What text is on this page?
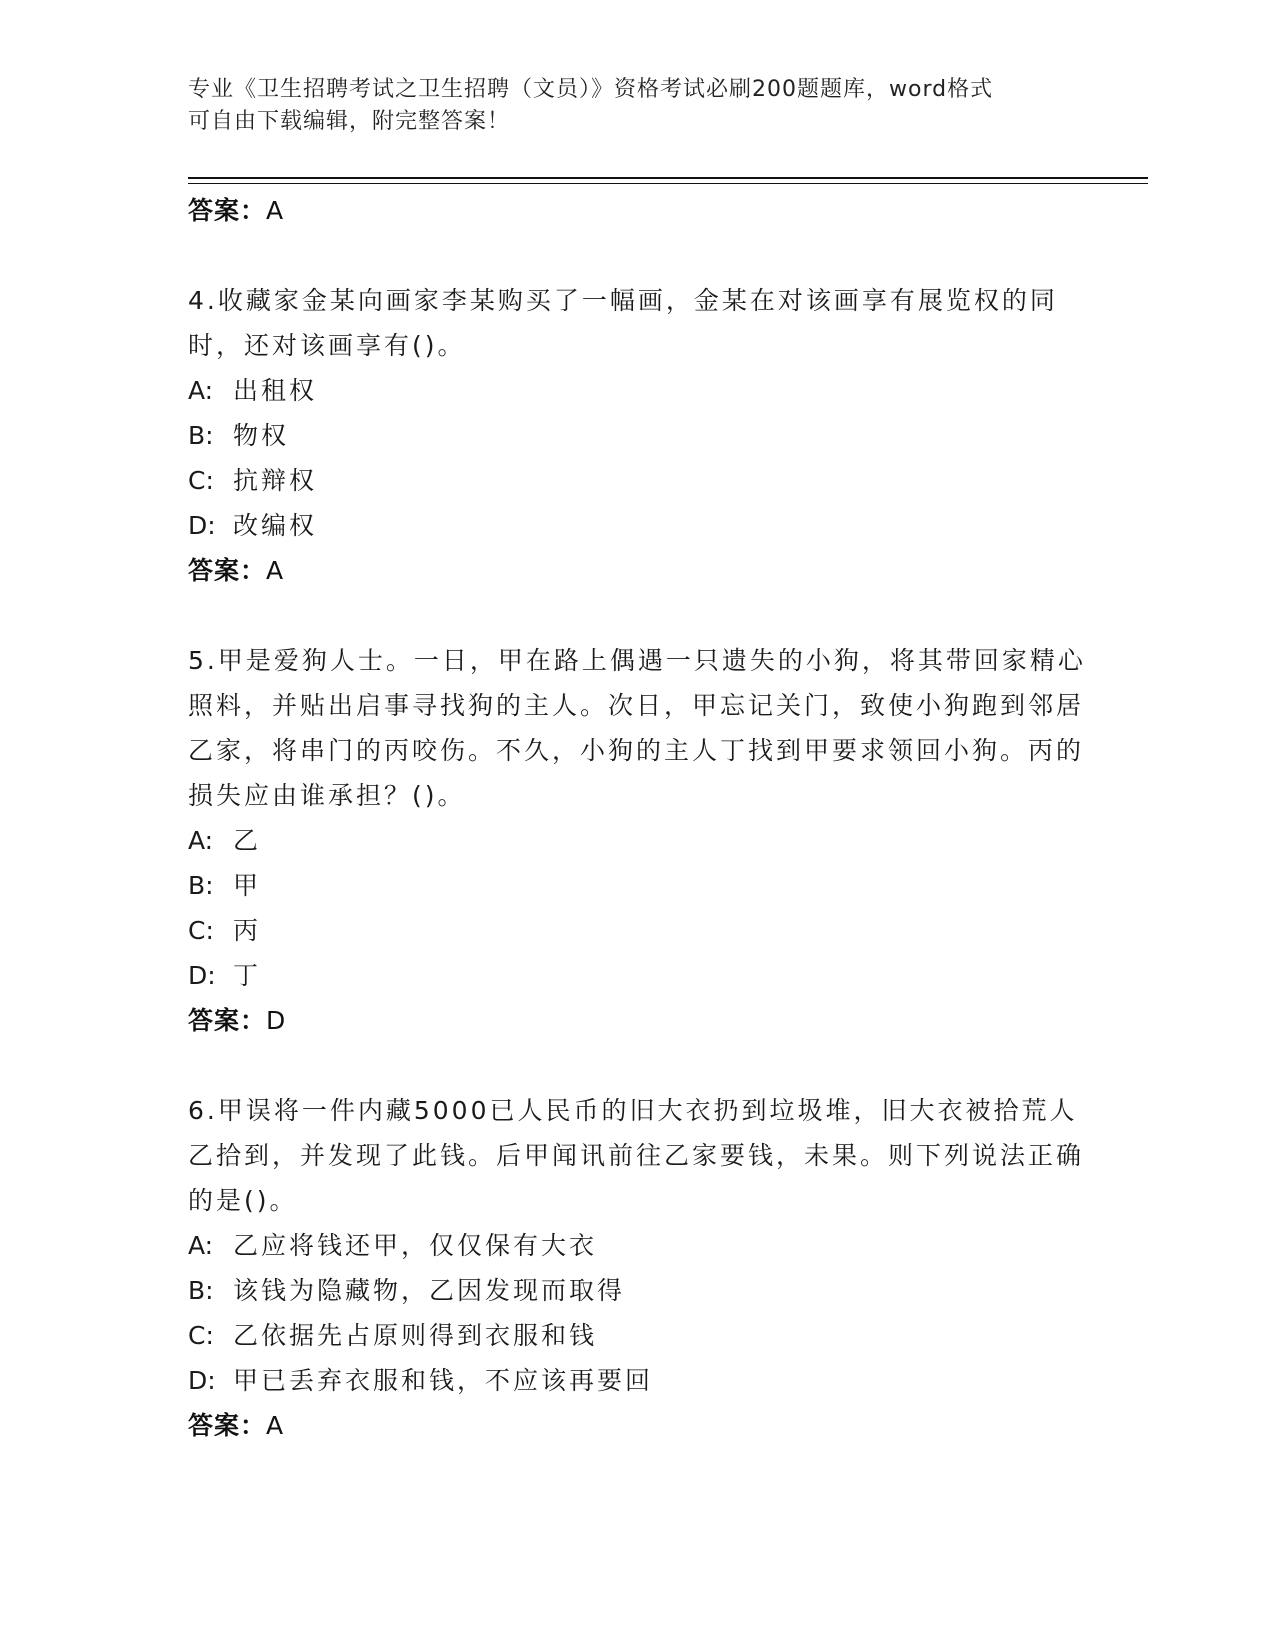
专业《卫生招聘考试之卫生招聘（文员）》资格考试必刷200题题库，word格式
可自由下载编辑，附完整答案！

答案：A

4.收藏家金某向画家李某购买了一幅画，金某在对该画享有展览权的同时，还对该画享有()。

A: 出租权

B: 物权

C: 抗辩权

D: 改编权

答案：A

5.甲是爱狗人士。一日，甲在路上偶遇一只遗失的小狗，将其带回家精心照料，并贴出启事寻找狗的主人。次日，甲忘记关门，致使小狗跑到邻居乙家，将串门的丙咬伤。不久，小狗的主人丁找到甲要求领回小狗。丙的损失应由谁承担？()。

A: 乙

B: 甲

C: 丙

D: 丁

答案：D

6.甲误将一件内藏5000已人民币的旧大衣扔到垃圾堆，旧大衣被拾荒人乙拾到，并发现了此钱。后甲闻讯前往乙家要钱，未果。则下列说法正确的是()。

A: 乙应将钱还甲，仅仅保有大衣

B: 该钱为隐藏物，乙因发现而取得

C: 乙依据先占原则得到衣服和钱

D: 甲已丢弃衣服和钱，不应该再要回

答案：A
